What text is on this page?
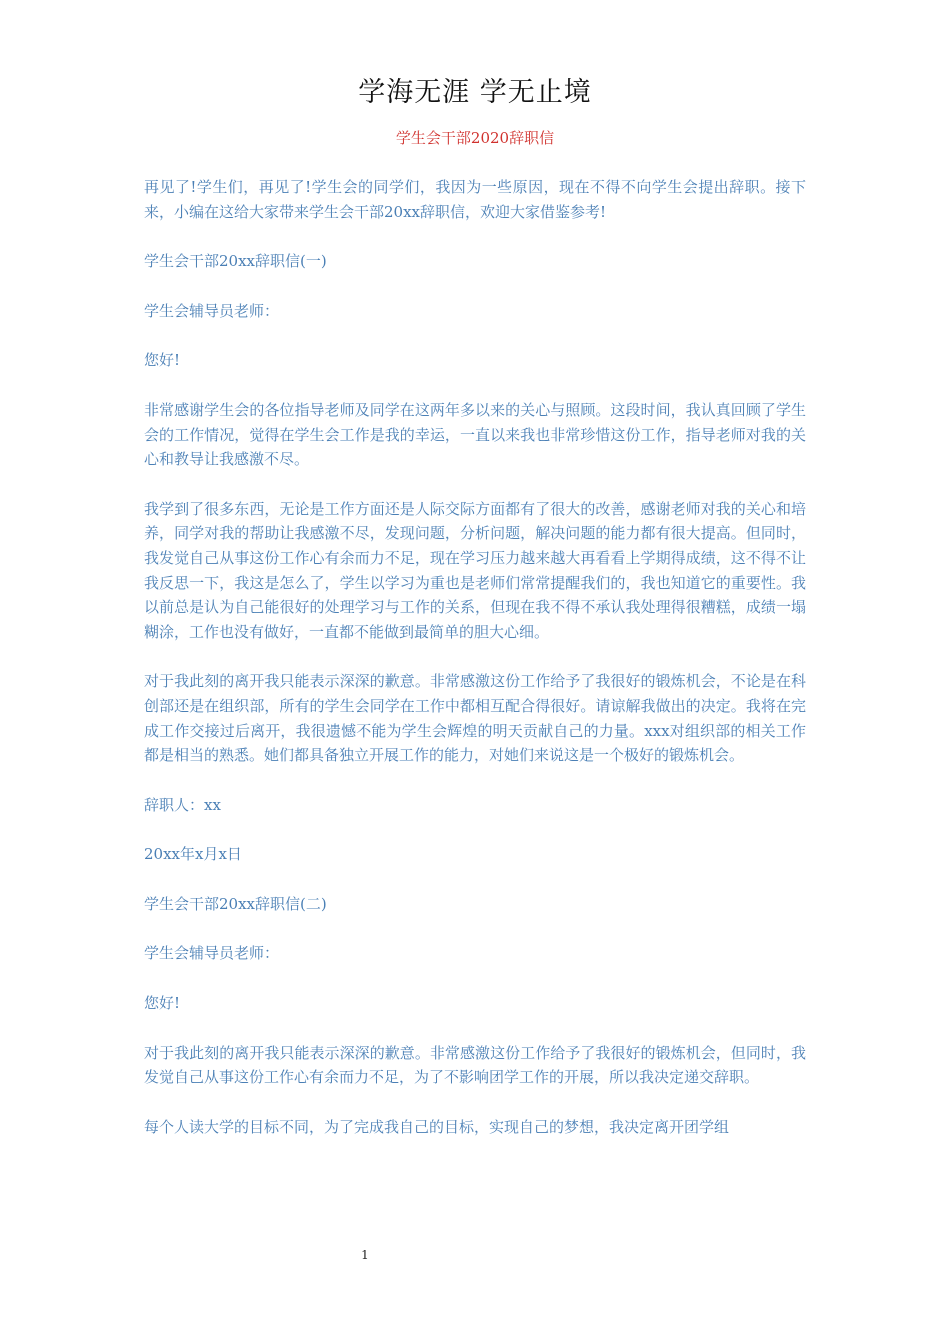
学海无涯 学无止境
学生会干部2020辞职信

再见了!学生们，再见了!学生会的同学们，我因为一些原因，现在不得不向学生会提出辞职。接下来，小编在这给大家带来学生会干部20xx辞职信，欢迎大家借鉴参考!

学生会干部20xx辞职信(一)

学生会辅导员老师：

您好!

非常感谢学生会的各位指导老师及同学在这两年多以来的关心与照顾。这段时间，我认真回顾了学生会的工作情况，觉得在学生会工作是我的幸运，一直以来我也非常珍惜这份工作，指导老师对我的关心和教导让我感激不尽。

我学到了很多东西，无论是工作方面还是人际交际方面都有了很大的改善，感谢老师对我的关心和培养，同学对我的帮助让我感激不尽，发现问题，分析问题，解决问题的能力都有很大提高。但同时，我发觉自己从事这份工作心有余而力不足，现在学习压力越来越大再看看上学期得成绩，这不得不让我反思一下，我这是怎么了，学生以学习为重也是老师们常常提醒我们的，我也知道它的重要性。我以前总是认为自己能很好的处理学习与工作的关系，但现在我不得不承认我处理得很糟糕，成绩一塌糊涂，工作也没有做好，一直都不能做到最简单的胆大心细。

对于我此刻的离开我只能表示深深的歉意。非常感激这份工作给予了我很好的锻炼机会，不论是在科创部还是在组织部，所有的学生会同学在工作中都相互配合得很好。请谅解我做出的决定。我将在完成工作交接过后离开，我很遗憾不能为学生会辉煌的明天贡献自己的力量。xxx对组织部的相关工作都是相当的熟悉。她们都具备独立开展工作的能力，对她们来说这是一个极好的锻炼机会。

辞职人：xx

20xx年x月x日

学生会干部20xx辞职信(二)

学生会辅导员老师：

您好!

对于我此刻的离开我只能表示深深的歉意。非常感激这份工作给予了我很好的锻炼机会，但同时，我发觉自己从事这份工作心有余而力不足，为了不影响团学工作的开展，所以我决定递交辞职。

每个人读大学的目标不同，为了完成我自己的目标，实现自己的梦想，我决定离开团学组

1
